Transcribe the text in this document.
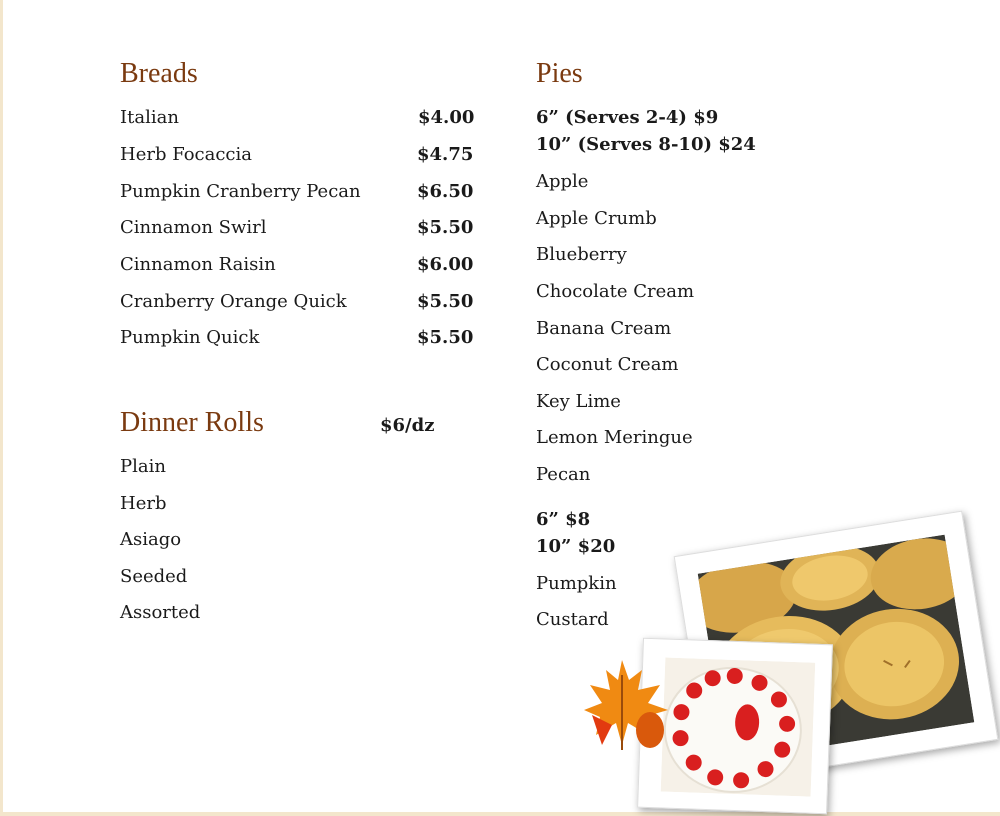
Breads
Italian	$4.00
Herb Focaccia	$4.75
Pumpkin Cranberry Pecan	$6.50
Cinnamon Swirl	$5.50
Cinnamon Raisin	$6.00
Cranberry Orange Quick	$5.50
Pumpkin Quick	$5.50
Dinner Rolls	$6/dz
Plain
Herb
Asiago
Seeded
Assorted
Pies
6” (Serves 2-4) $9
10” (Serves 8-10) $24
Apple
Apple Crumb
Blueberry
Chocolate Cream
Banana Cream
Coconut Cream
Key Lime
Lemon Meringue
Pecan
6” $8
10” $20
Pumpkin
Custard
